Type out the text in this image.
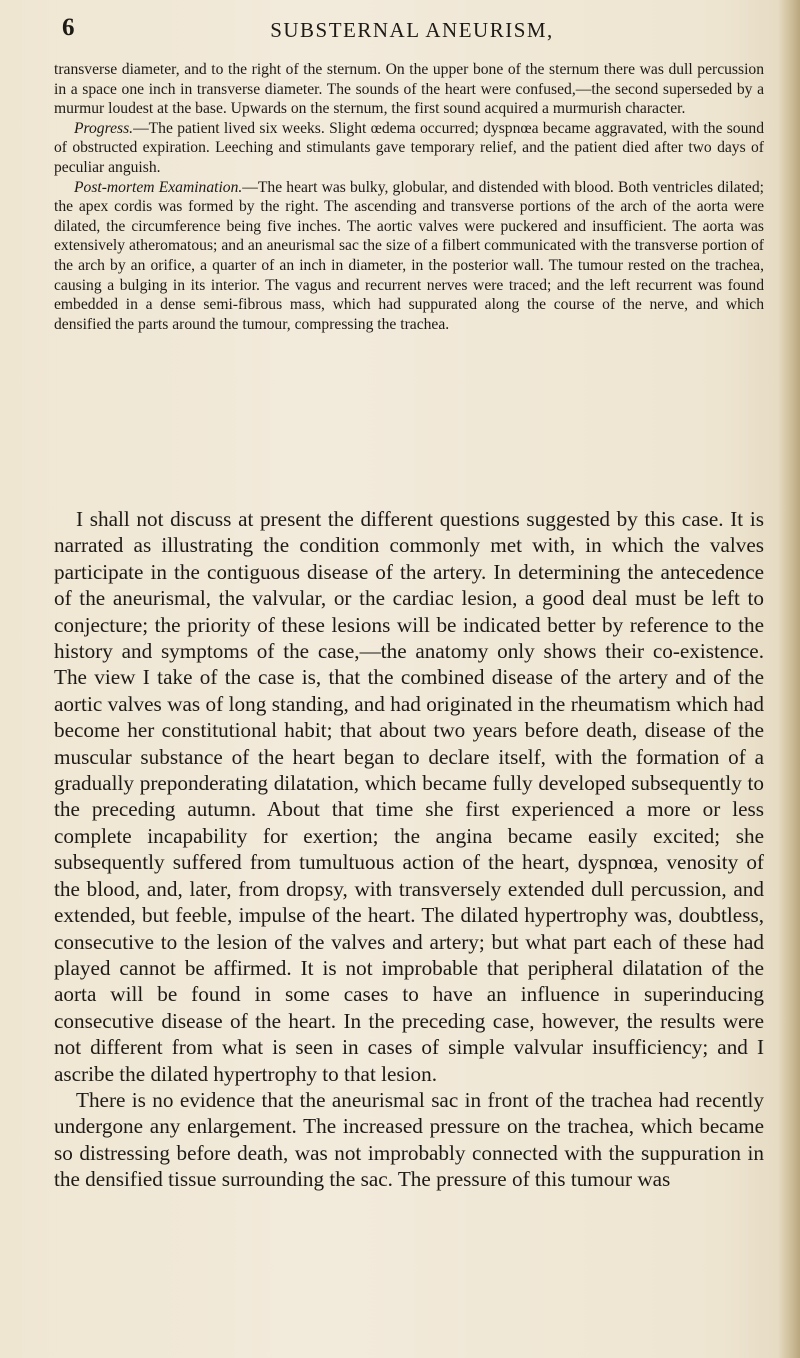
6	SUBSTERNAL ANEURISM,

transverse diameter, and to the right of the sternum. On the upper bone of the sternum there was dull percussion in a space one inch in transverse diameter. The sounds of the heart were confused,—the second superseded by a murmur loudest at the base. Upwards on the sternum, the first sound acquired a murmurish character.

Progress.—The patient lived six weeks. Slight œdema occurred; dyspnœa became aggravated, with the sound of obstructed expiration. Leeching and stimulants gave temporary relief, and the patient died after two days of peculiar anguish.

Post-mortem Examination.—The heart was bulky, globular, and distended with blood. Both ventricles dilated; the apex cordis was formed by the right. The ascending and transverse portions of the arch of the aorta were dilated, the circumference being five inches. The aortic valves were puckered and insufficient. The aorta was extensively atheromatous; and an aneurismal sac the size of a filbert communicated with the transverse portion of the arch by an orifice, a quarter of an inch in diameter, in the posterior wall. The tumour rested on the trachea, causing a bulging in its interior. The vagus and recurrent nerves were traced; and the left recurrent was found embedded in a dense semi-fibrous mass, which had suppurated along the course of the nerve, and which densified the parts around the tumour, compressing the trachea.

I shall not discuss at present the different questions suggested by this case. It is narrated as illustrating the condition commonly met with, in which the valves participate in the contiguous disease of the artery. In determining the antecedence of the aneurismal, the valvular, or the cardiac lesion, a good deal must be left to conjecture; the priority of these lesions will be indicated better by reference to the history and symptoms of the case,—the anatomy only shows their co-existence. The view I take of the case is, that the combined disease of the artery and of the aortic valves was of long standing, and had originated in the rheumatism which had become her constitutional habit; that about two years before death, disease of the muscular substance of the heart began to declare itself, with the formation of a gradually preponderating dilatation, which became fully developed subsequently to the preceding autumn. About that time she first experienced a more or less complete incapability for exertion; the angina became easily excited; she subsequently suffered from tumultuous action of the heart, dyspnœa, venosity of the blood, and, later, from dropsy, with transversely extended dull percussion, and extended, but feeble, impulse of the heart. The dilated hypertrophy was, doubtless, consecutive to the lesion of the valves and artery; but what part each of these had played cannot be affirmed. It is not improbable that peripheral dilatation of the aorta will be found in some cases to have an influence in superinducing consecutive disease of the heart. In the preceding case, however, the results were not different from what is seen in cases of simple valvular insufficiency; and I ascribe the dilated hypertrophy to that lesion.

There is no evidence that the aneurismal sac in front of the trachea had recently undergone any enlargement. The increased pressure on the trachea, which became so distressing before death, was not improbably connected with the suppuration in the densified tissue surrounding the sac. The pressure of this tumour was
